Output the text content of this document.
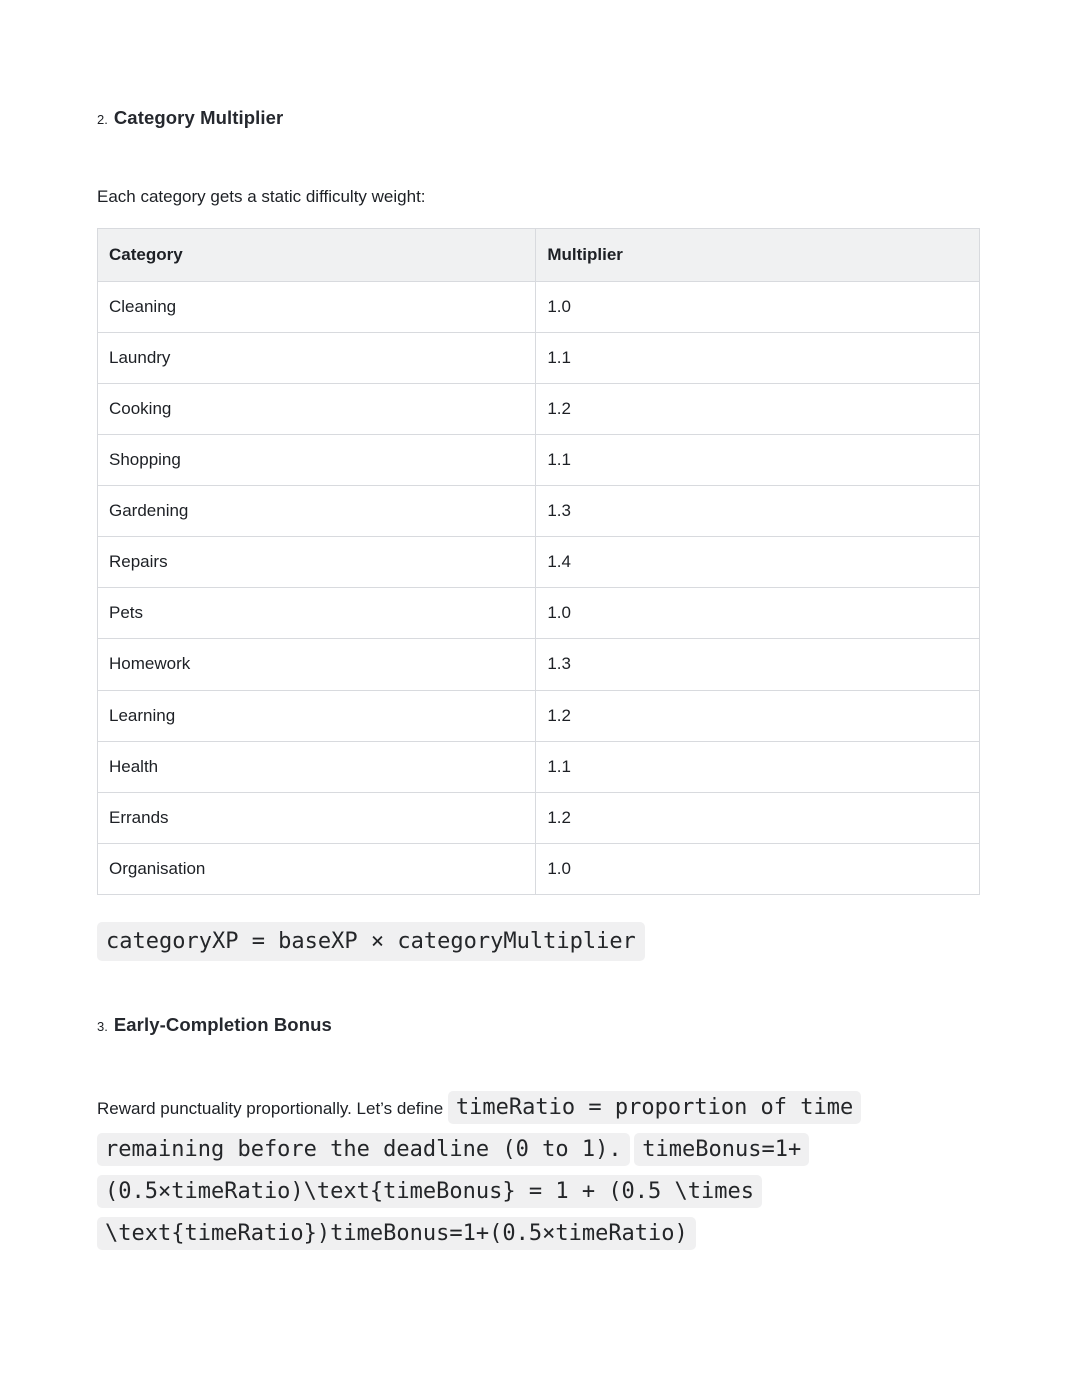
2. Category Multiplier

Each category gets a static difficulty weight:

Category	Multiplier
Cleaning	1.0
Laundry	1.1
Cooking	1.2
Shopping	1.1
Gardening	1.3
Repairs	1.4
Pets	1.0
Homework	1.3
Learning	1.2
Health	1.1
Errands	1.2
Organisation	1.0

categoryXP = baseXP × categoryMultiplier

3. Early-Completion Bonus

Reward punctuality proportionally. Let’s define timeRatio = proportion of time remaining before the deadline (0 to 1). timeBonus=1+(0.5×timeRatio)\text{timeBonus} = 1 + (0.5 \times \text{timeRatio})timeBonus=1+(0.5×timeRatio)
